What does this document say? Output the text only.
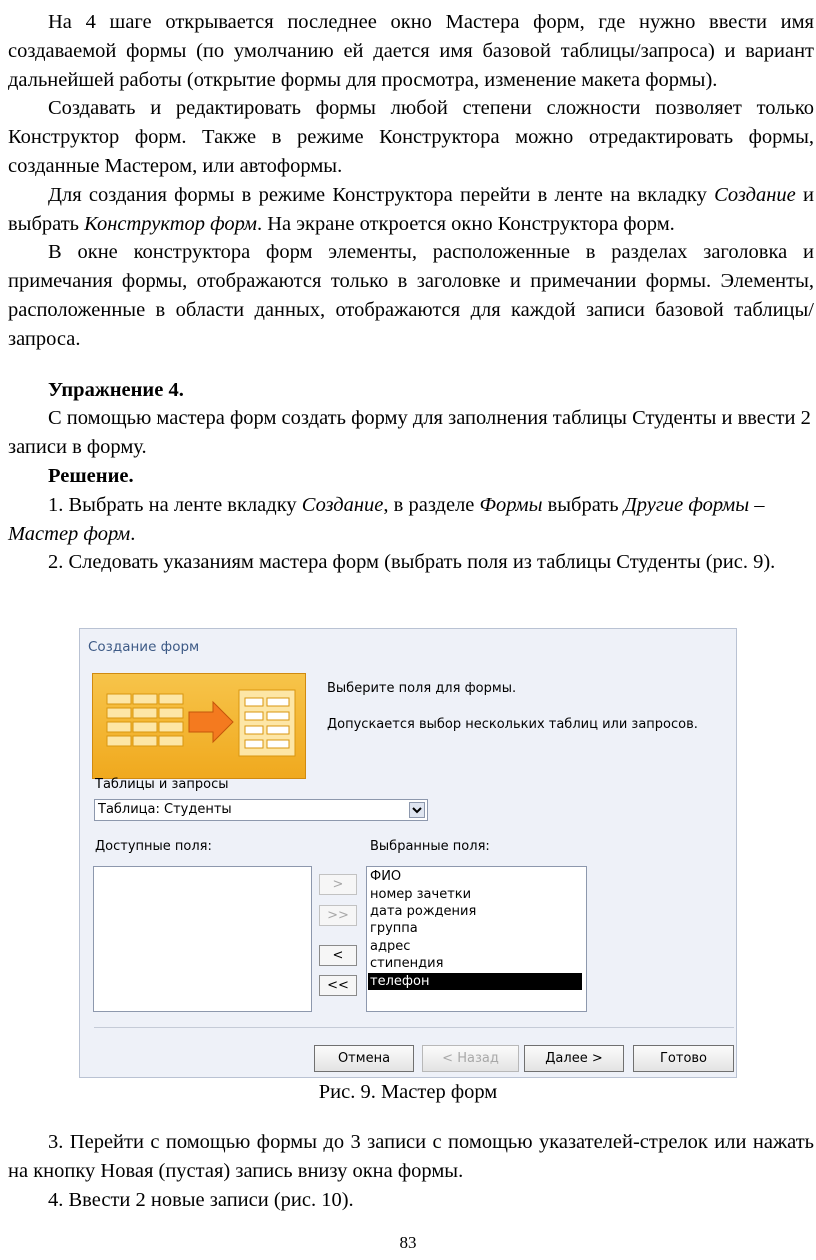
На 4 шаге открывается последнее окно Мастера форм, где нужно ввести имя создаваемой формы (по умолчанию ей дается имя базовой таблицы/запроса) и вариант дальнейшей работы (открытие формы для просмотра, изменение макета формы).

Создавать и редактировать формы любой степени сложности позволяет только Конструктор форм. Также в режиме Конструктора можно отредактировать формы, созданные Мастером, или автоформы.

Для создания формы в режиме Конструктора перейти в ленте на вкладку Создание и выбрать Конструктор форм. На экране откроется окно Конструктора форм.

В окне конструктора форм элементы, расположенные в разделах заголовка и примечания формы, отображаются только в заголовке и примечании формы. Элементы, расположенные в области данных, отображаются для каждой записи базовой таблицы/запроса.

Упражнение 4.

С помощью мастера форм создать форму для заполнения таблицы Студенты и ввести 2 записи в форму.

Решение.

1. Выбрать на ленте вкладку Создание, в разделе Формы выбрать Другие формы – Мастер форм.

2. Следовать указаниям мастера форм (выбрать поля из таблицы Студенты (рис. 9).

Создание форм
Выберите поля для формы.
Допускается выбор нескольких таблиц или запросов.
Таблицы и запросы
Таблица: Студенты
Доступные поля:	Выбранные поля:
>
>>
<
<<
ФИО
номер зачетки
дата рождения
группа
адрес
стипендия
телефон
Отмена	< Назад	Далее >	Готово
Рис. 9. Мастер форм

3. Перейти с помощью формы до 3 записи с помощью указателей-стрелок или нажать на кнопку Новая (пустая) запись внизу окна формы.

4. Ввести 2 новые записи (рис. 10).

83
